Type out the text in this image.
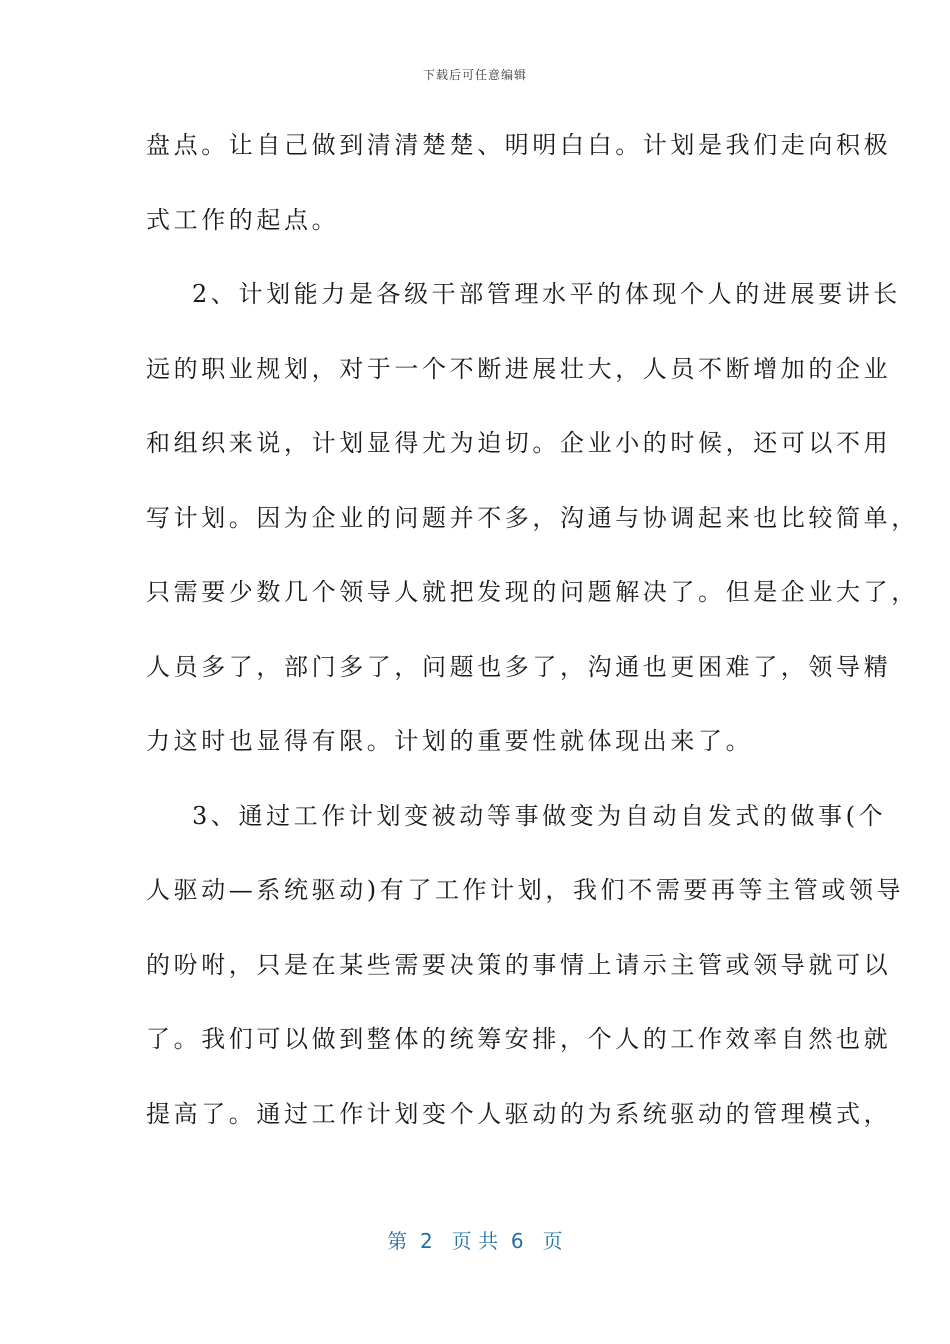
下载后可任意编辑
盘点。让自己做到清清楚楚、明明白白。计划是我们走向积极
式工作的起点。
2、计划能力是各级干部管理水平的体现个人的进展要讲长
远的职业规划，对于一个不断进展壮大，人员不断增加的企业
和组织来说，计划显得尤为迫切。企业小的时候，还可以不用
写计划。因为企业的问题并不多，沟通与协调起来也比较简单，
只需要少数几个领导人就把发现的问题解决了。但是企业大了，
人员多了，部门多了，问题也多了，沟通也更困难了，领导精
力这时也显得有限。计划的重要性就体现出来了。
3、通过工作计划变被动等事做变为自动自发式的做事(个
人驱动—系统驱动)有了工作计划，我们不需要再等主管或领导
的吩咐，只是在某些需要决策的事情上请示主管或领导就可以
了。我们可以做到整体的统筹安排，个人的工作效率自然也就
提高了。通过工作计划变个人驱动的为系统驱动的管理模式，
第  2   页 共  6   页
